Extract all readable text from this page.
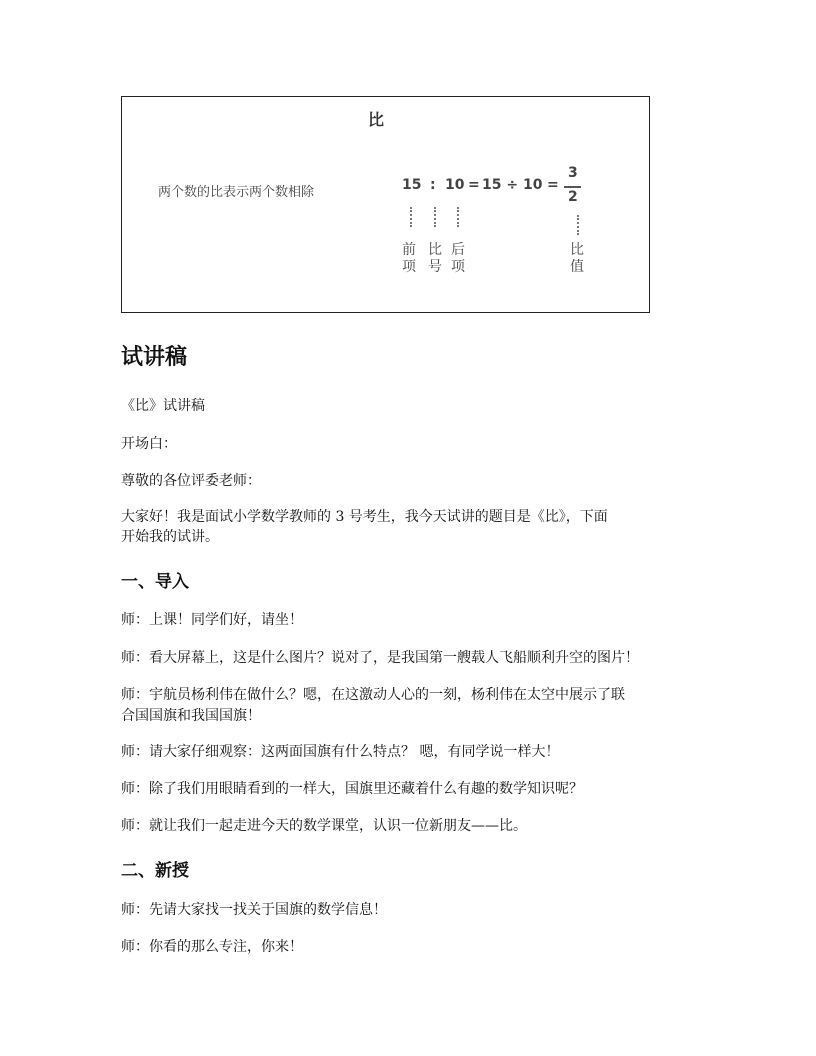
比
两个数的比表示两个数相除	15 : 10 = 15 ÷ 10 =
3
2
前
项
比
号
后
项
比
值
试讲稿
《比》试讲稿
开场白：
尊敬的各位评委老师：
大家好！我是面试小学数学教师的 3 号考生，我今天试讲的题目是《比》，下面
开始我的试讲。
一、导入
师：上课！同学们好，请坐！
师：看大屏幕上，这是什么图片？说对了，是我国第一艘载人飞船顺利升空的图片！
师：宇航员杨利伟在做什么？嗯，在这激动人心的一刻，杨利伟在太空中展示了联
合国国旗和我国国旗！
师：请大家仔细观察：这两面国旗有什么特点？ 嗯，有同学说一样大！
师：除了我们用眼睛看到的一样大，国旗里还藏着什么有趣的数学知识呢？
师：就让我们一起走进今天的数学课堂，认识一位新朋友——比。
二、新授
师：先请大家找一找关于国旗的数学信息！
师：你看的那么专注，你来！
